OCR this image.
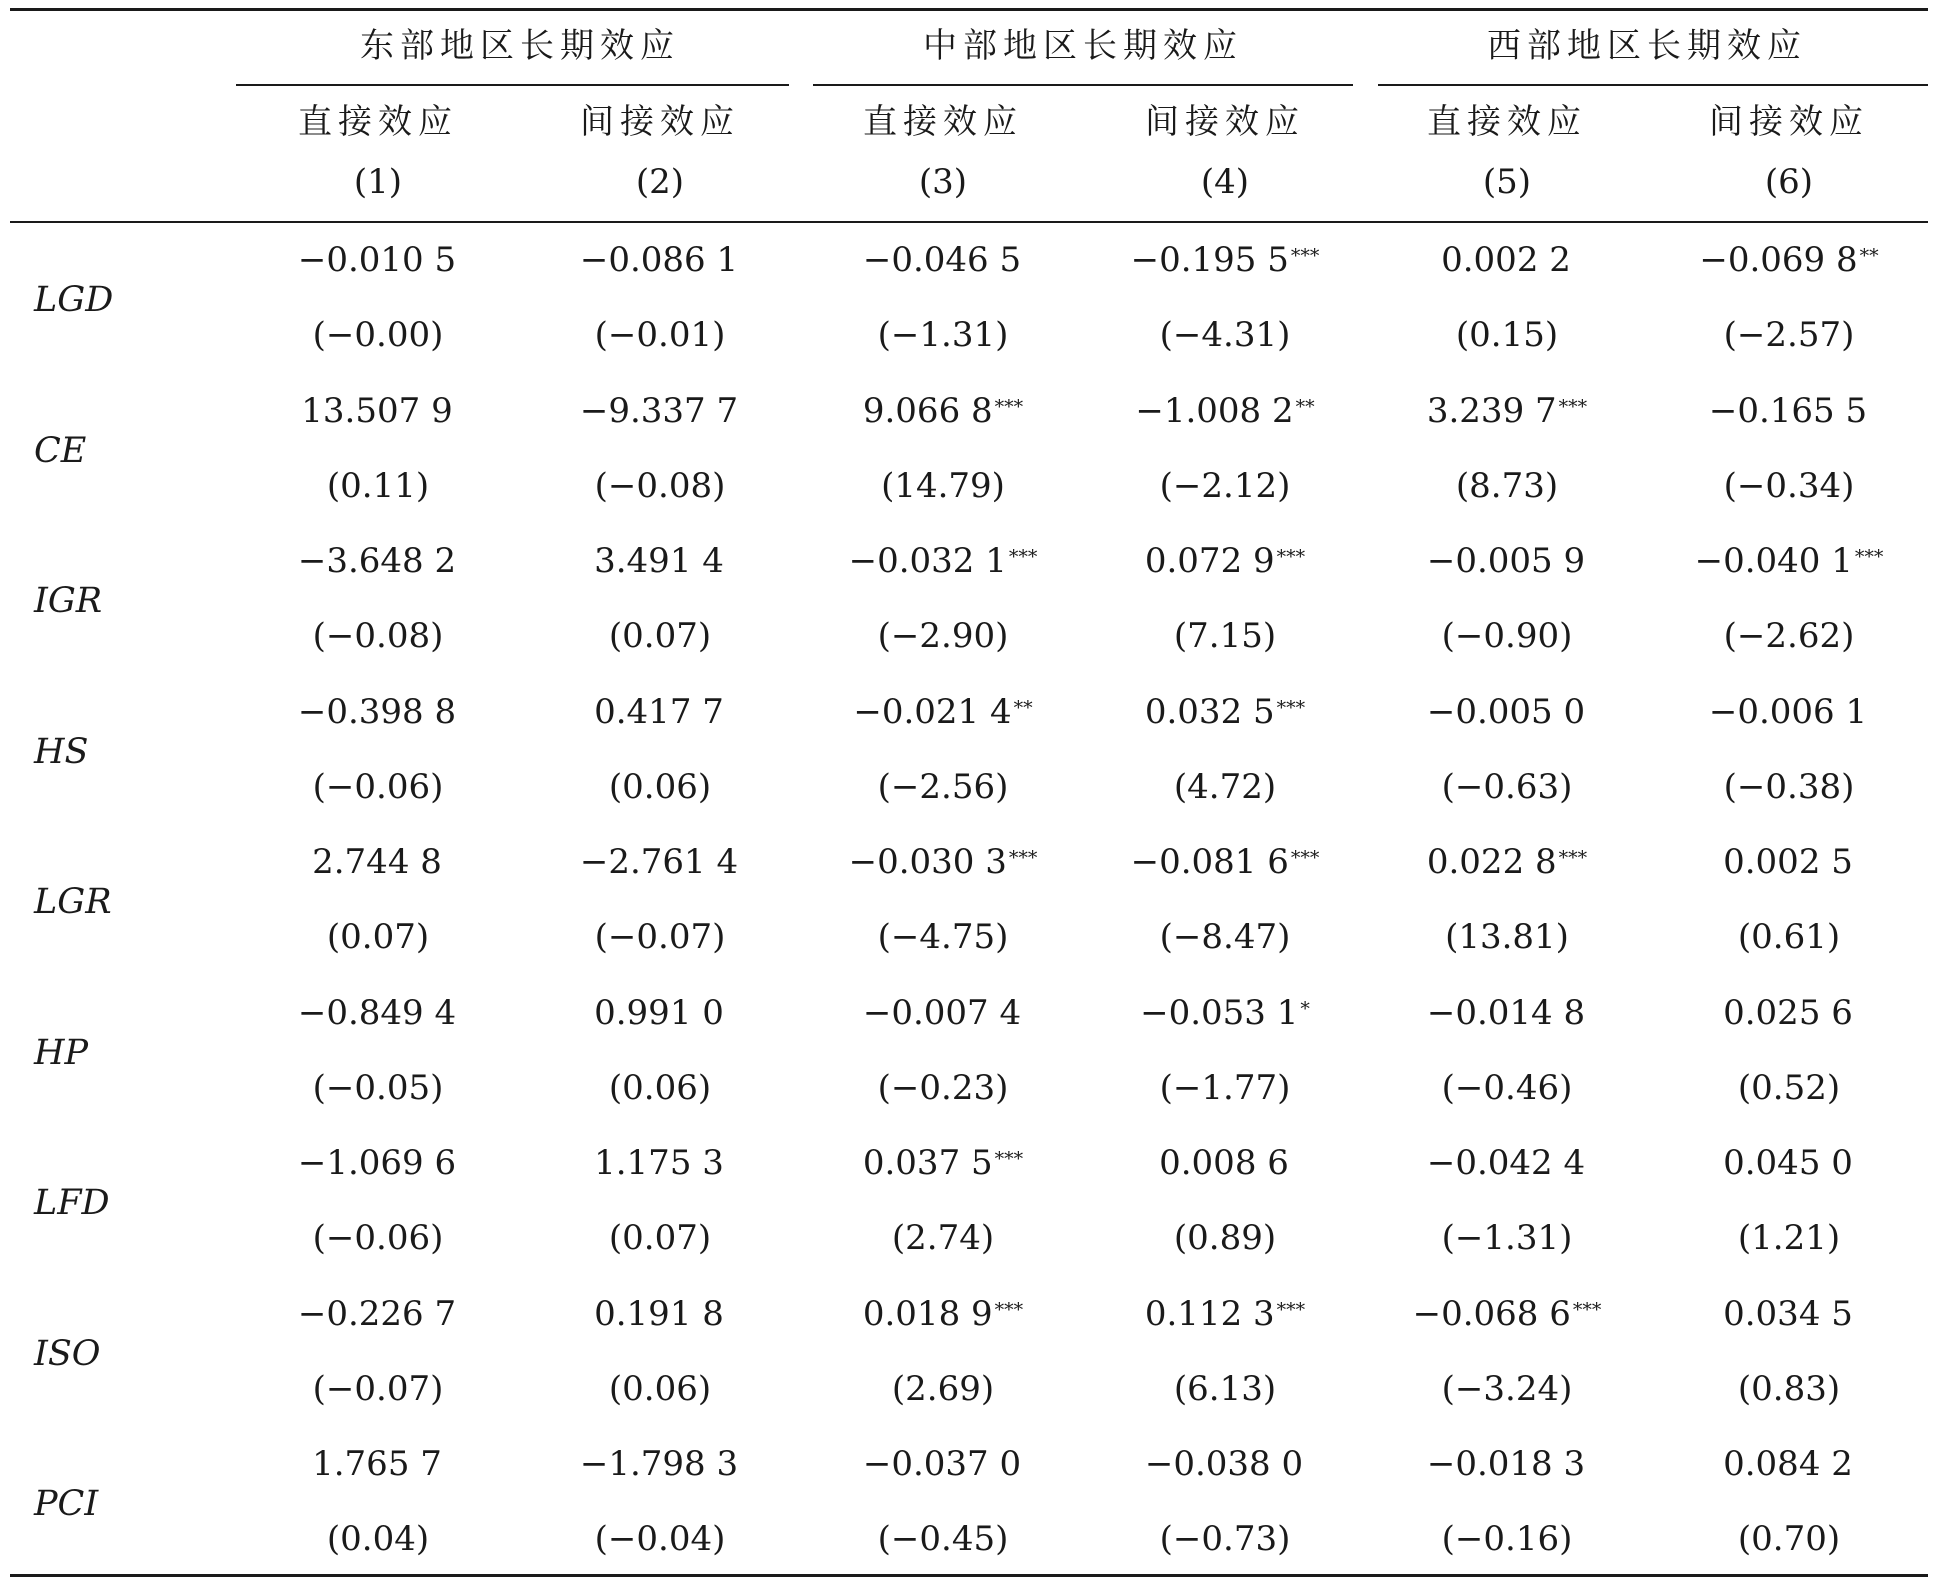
东部地区长期效应	中部地区长期效应	西部地区长期效应
直接效应	间接效应	直接效应	间接效应	直接效应	间接效应
(1)	(2)	(3)	(4)	(5)	(6)
LGD
−0.010 5	−0.086 1	−0.046 5	−0.195 5 ***	0.002 2	−0.069 8 **
(−0.00)	(−0.01)	(−1.31)	(−4.31)	(0.15)	(−2.57)
CE
13.507 9	−9.337 7	9.066 8 ***	−1.008 2 **	3.239 7 ***	−0.165 5
(0.11)	(−0.08)	(14.79)	(−2.12)	(8.73)	(−0.34)
IGR
−3.648 2	3.491 4	−0.032 1 ***	0.072 9 ***	−0.005 9	−0.040 1 ***
(−0.08)	(0.07)	(−2.90)	(7.15)	(−0.90)	(−2.62)
HS
−0.398 8	0.417 7	−0.021 4 **	0.032 5 ***	−0.005 0	−0.006 1
(−0.06)	(0.06)	(−2.56)	(4.72)	(−0.63)	(−0.38)
LGR
2.744 8	−2.761 4	−0.030 3 ***	−0.081 6 ***	0.022 8 ***	0.002 5
(0.07)	(−0.07)	(−4.75)	(−8.47)	(13.81)	(0.61)
HP
−0.849 4	0.991 0	−0.007 4	−0.053 1 *	−0.014 8	0.025 6
(−0.05)	(0.06)	(−0.23)	(−1.77)	(−0.46)	(0.52)
LFD
−1.069 6	1.175 3	0.037 5 ***	0.008 6	−0.042 4	0.045 0
(−0.06)	(0.07)	(2.74)	(0.89)	(−1.31)	(1.21)
ISO
−0.226 7	0.191 8	0.018 9 ***	0.112 3 ***	−0.068 6 ***	0.034 5
(−0.07)	(0.06)	(2.69)	(6.13)	(−3.24)	(0.83)
PCI
1.765 7	−1.798 3	−0.037 0	−0.038 0	−0.018 3	0.084 2
(0.04)	(−0.04)	(−0.45)	(−0.73)	(−0.16)	(0.70)
